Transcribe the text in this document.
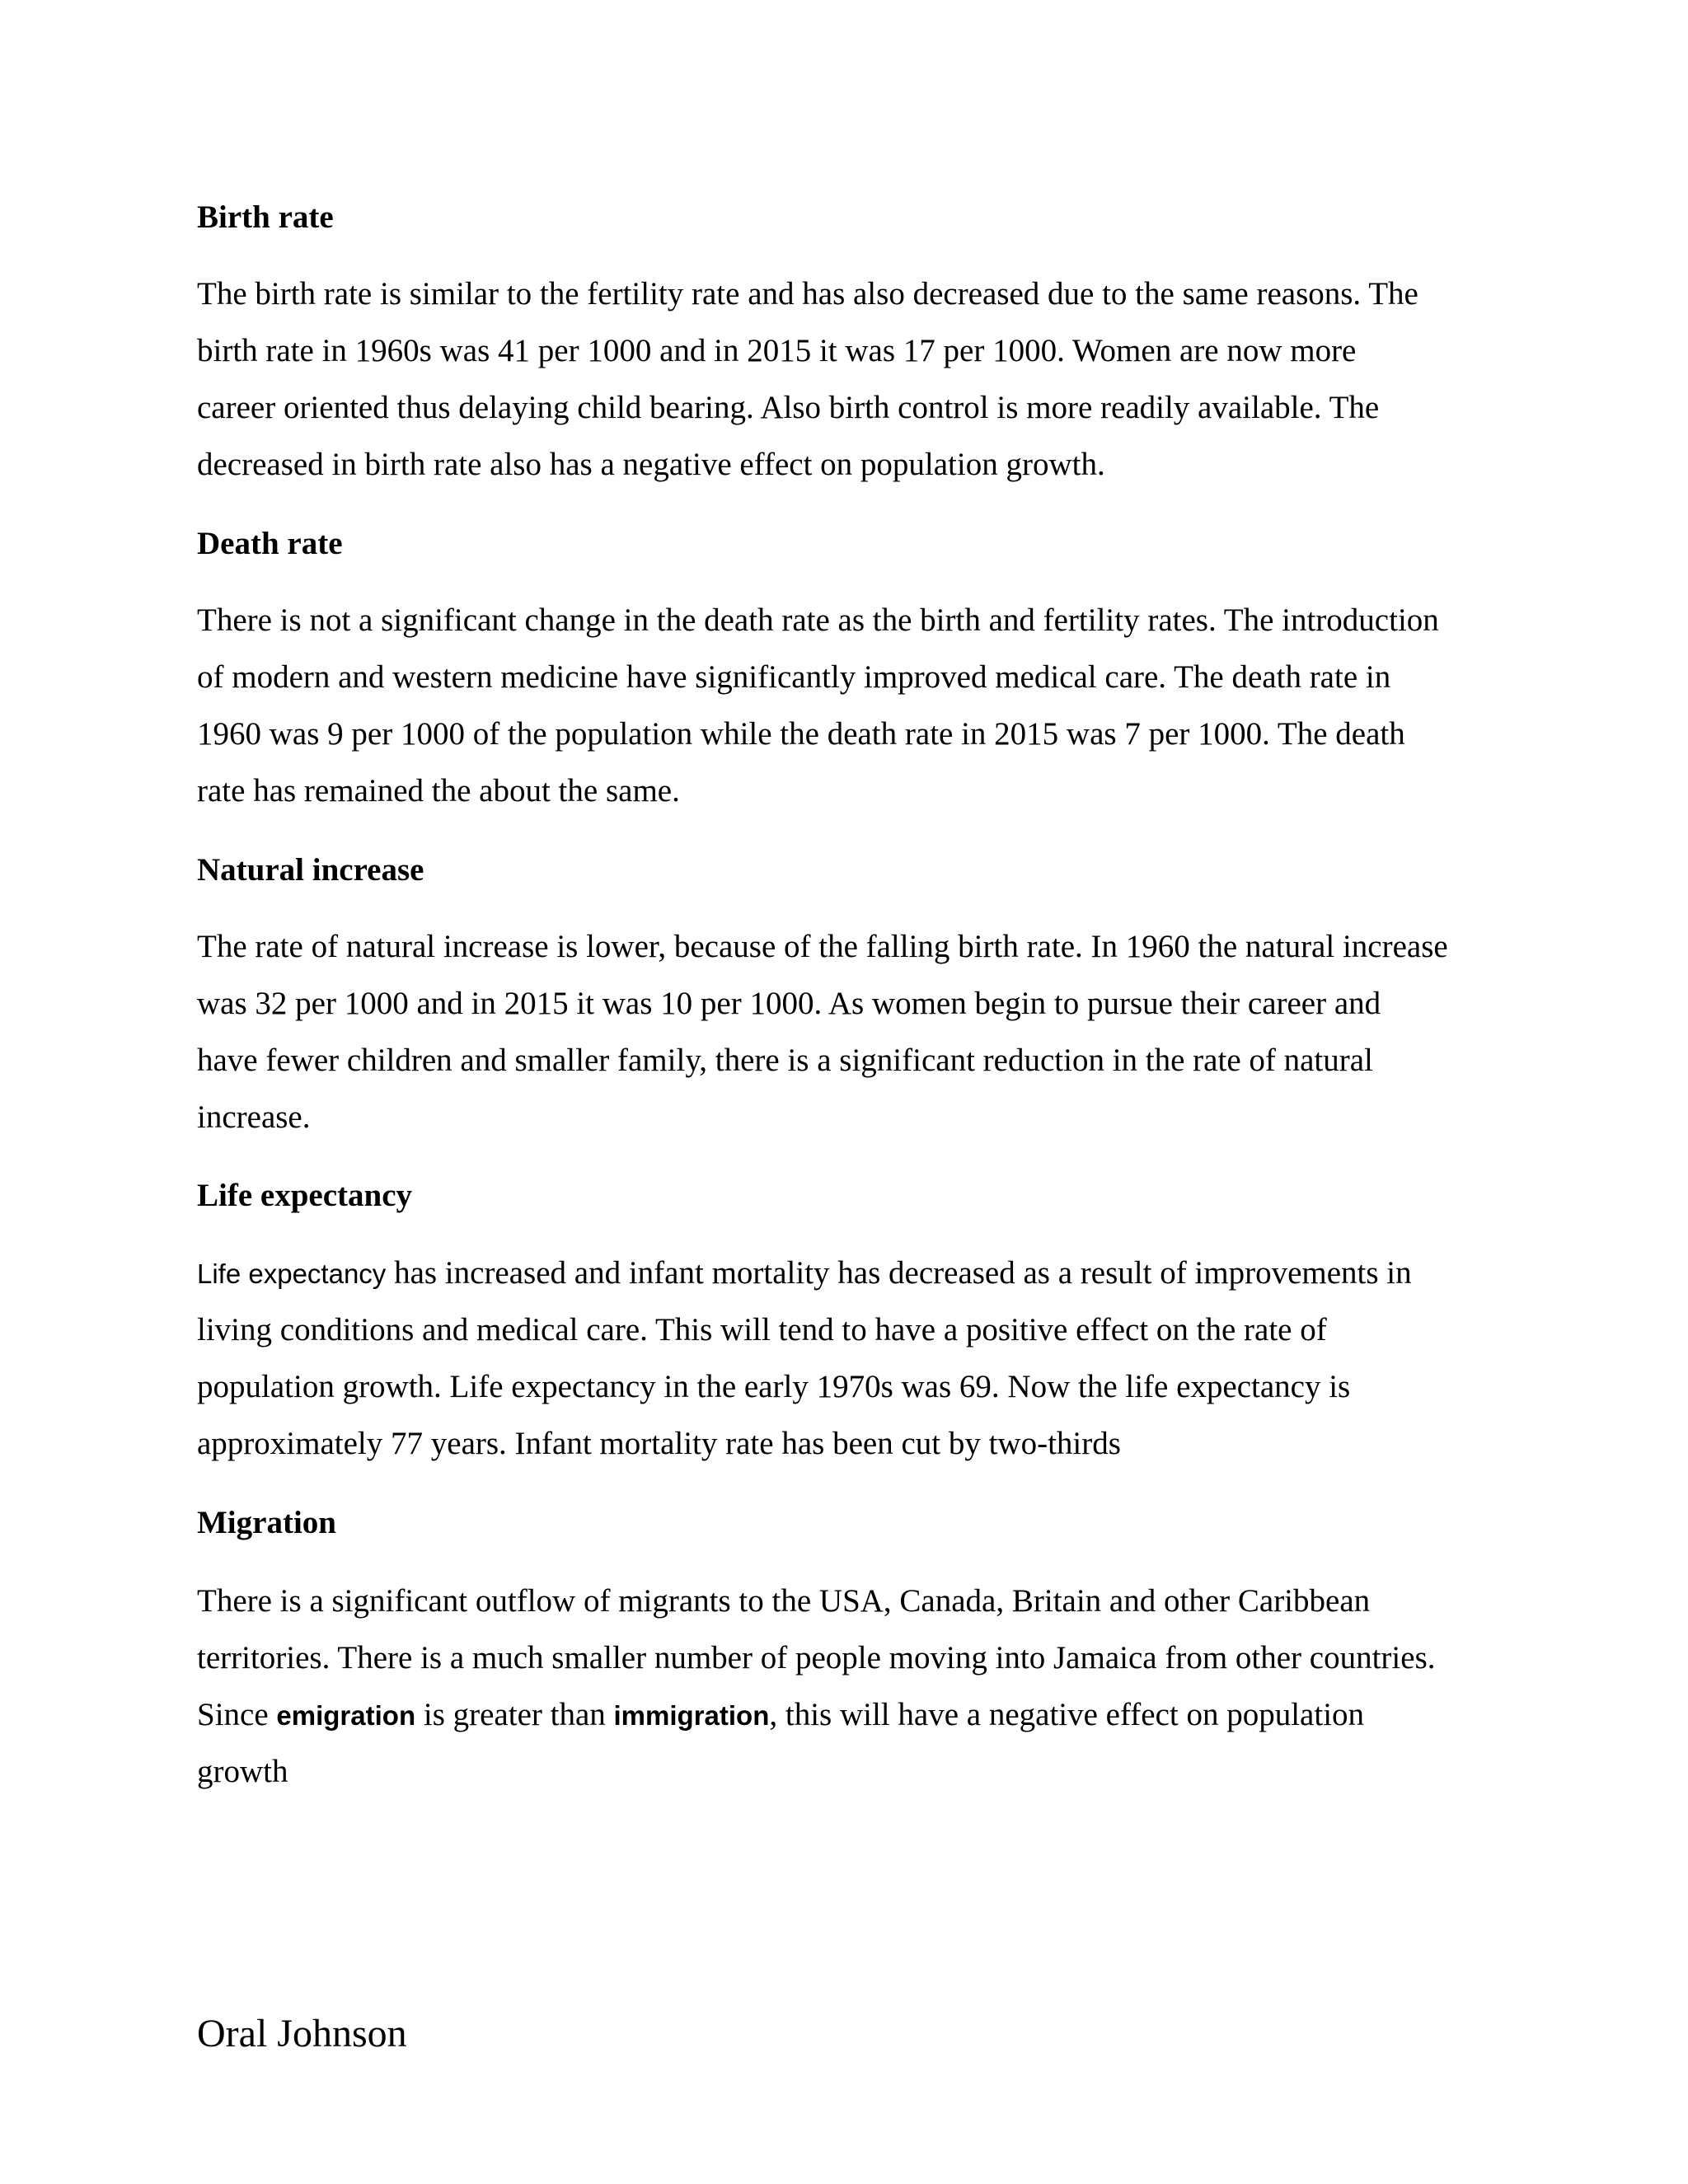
Birth rate
The birth rate is similar to the fertility rate and has also decreased due to the same reasons. The
birth rate in 1960s was 41 per 1000 and in 2015 it was 17 per 1000. Women are now more
career oriented thus delaying child bearing. Also birth control is more readily available. The
decreased in birth rate also has a negative effect on population growth.
Death rate
There is not a significant change in the death rate as the birth and fertility rates. The introduction
of modern and western medicine have significantly improved medical care. The death rate in
1960 was 9 per 1000 of the population while the death rate in 2015 was 7 per 1000. The death
rate has remained the about the same.
Natural increase
The rate of natural increase is lower, because of the falling birth rate. In 1960 the natural increase
was 32 per 1000 and in 2015 it was 10 per 1000. As women begin to pursue their career and
have fewer children and smaller family, there is a significant reduction in the rate of natural
increase.
Life expectancy
Life expectancy has increased and infant mortality has decreased as a result of improvements in
living conditions and medical care. This will tend to have a positive effect on the rate of
population growth. Life expectancy in the early 1970s was 69. Now the life expectancy is
approximately 77 years. Infant mortality rate has been cut by two-thirds
Migration
There is a significant outflow of migrants to the USA, Canada, Britain and other Caribbean
territories. There is a much smaller number of people moving into Jamaica from other countries.
Since emigration is greater than immigration, this will have a negative effect on population
growth
Oral Johnson
